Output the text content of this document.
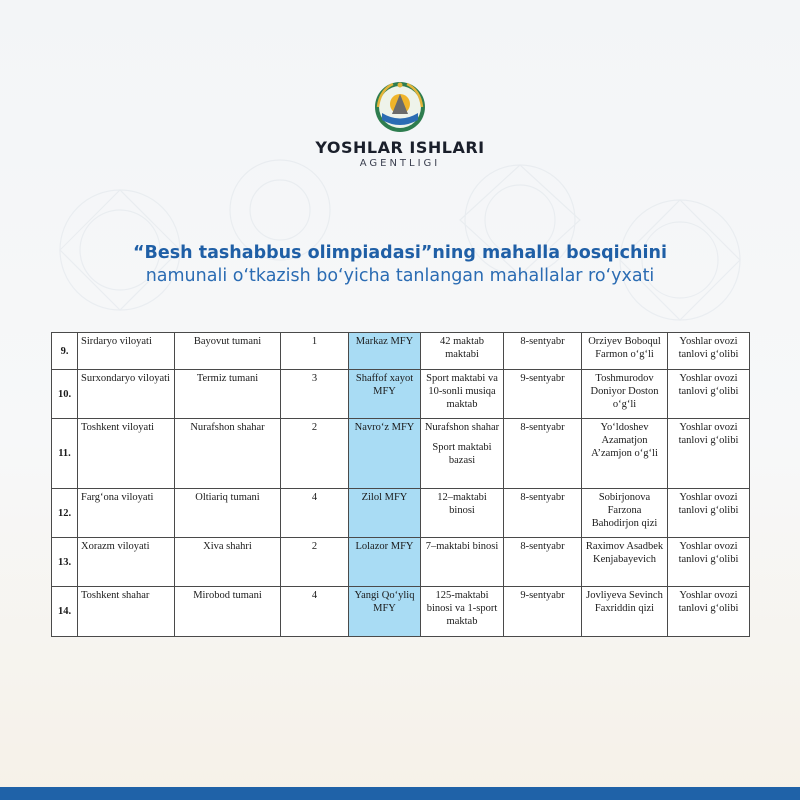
YOSHLAR ISHLARI
AGENTLIGI
“Besh tashabbus olimpiadasi”ning mahalla bosqichini
namunali o‘tkazish bo‘yicha tanlangan mahallalar ro‘yxati
9.	Sirdaryo viloyati	Bayovut tumani	1	Markaz MFY	42 maktab maktabi	8-sentyabr	Orziyev Boboqul Farmon o‘g‘li	Yoshlar ovozi tanlovi g‘olibi
10.	Surxondaryo viloyati	Termiz tumani	3	Shaffof xayot MFY	Sport maktabi va 10-sonli musiqa maktab	9-sentyabr	Toshmurodov Doniyor Doston o‘g‘li	Yoshlar ovozi tanlovi g‘olibi
11.	Toshkent viloyati	Nurafshon shahar	2	Navro‘z MFY	Nurafshon shahar
Sport maktabi bazasi	8-sentyabr	Yo‘ldoshev Azamatjon A’zamjon o‘g‘li	Yoshlar ovozi tanlovi g‘olibi
12.	Farg‘ona viloyati	Oltiariq tumani	4	Zilol MFY	12–maktabi binosi	8-sentyabr	Sobirjonova Farzona Bahodirjon qizi	Yoshlar ovozi tanlovi g‘olibi
13.	Xorazm viloyati	Xiva shahri	2	Lolazor MFY	7–maktabi binosi	8-sentyabr	Raximov Asadbek Kenjabayevich	Yoshlar ovozi tanlovi g‘olibi
14.	Toshkent shahar	Mirobod tumani	4	Yangi Qo‘yliq MFY	125-maktabi binosi va 1-sport maktab	9-sentyabr	Jovliyeva Sevinch Faxriddin qizi	Yoshlar ovozi tanlovi g‘olibi
